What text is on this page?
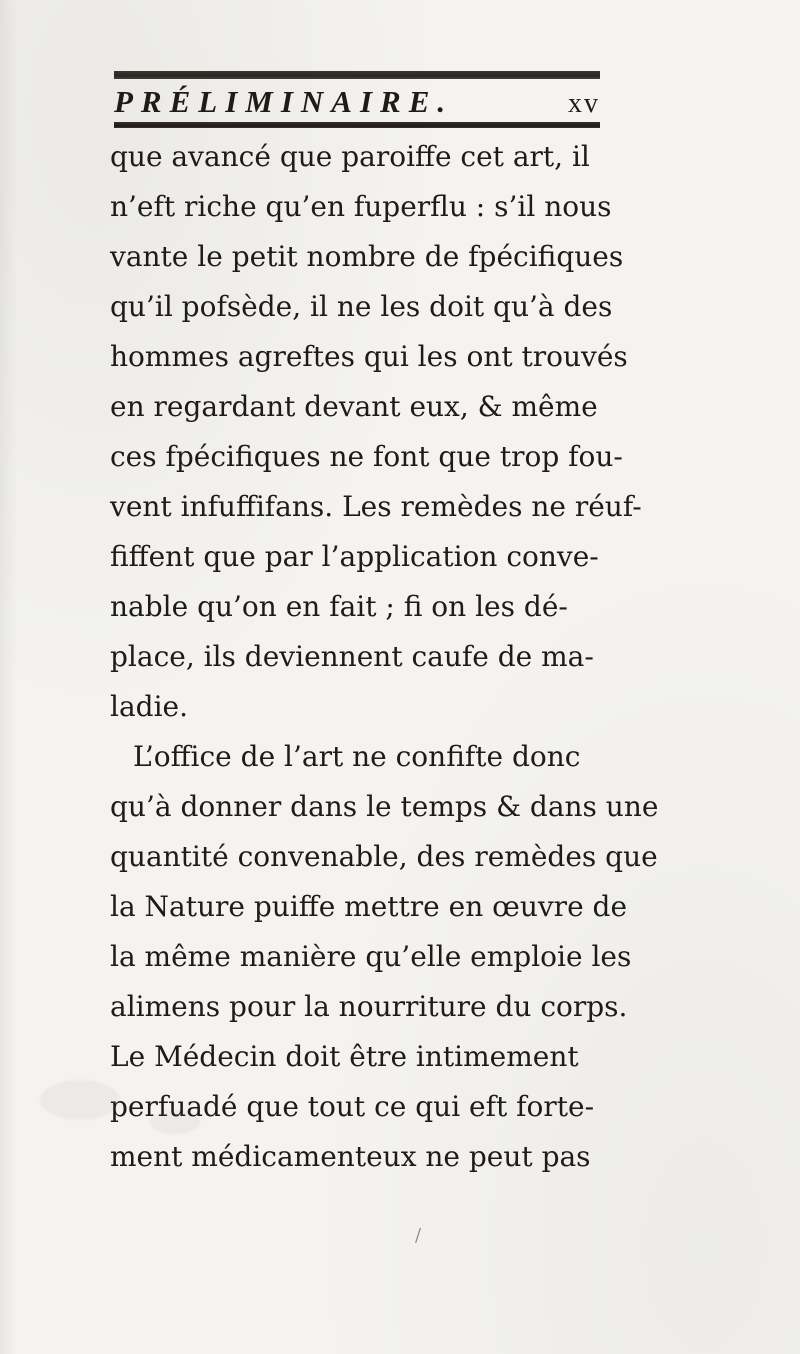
PRÉLIMINAIRE.	xv
que avancé que paroiffe cet art, il
n’eft riche qu’en fuperflu : s’il nous
vante le petit nombre de fpécifiques
qu’il pofsède, il ne les doit qu’à des
hommes agreftes qui les ont trouvés
en regardant devant eux, & même
ces fpécifiques ne font que trop fou-
vent infuffifans. Les remèdes ne réuf-
fiffent que par l’application conve-
nable qu’on en fait ; fi on les dé-
place, ils deviennent caufe de ma-
ladie.
L’office de l’art ne confifte donc
qu’à donner dans le temps & dans une
quantité convenable, des remèdes que
la Nature puiffe mettre en œuvre de
la même manière qu’elle emploie les
alimens pour la nourriture du corps.
Le Médecin doit être intimement
perfuadé que tout ce qui eft forte-
ment médicamenteux ne peut pas
/
